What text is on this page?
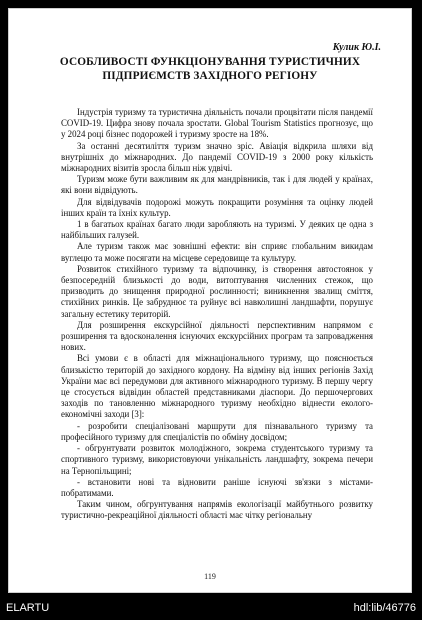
Кулик Ю.І.
ОСОБЛИВОСТІ ФУНКЦІОНУВАННЯ ТУРИСТИЧНИХ
ПІДПРИЄМСТВ ЗАХІДНОГО РЕГІОНУ

Індустрія туризму та туристична діяльність почали процвітати після пандемії COVID-19. Цифра знову почала зростати. Global Tourism Statistics прогнозує, що у 2024 році бізнес подорожей і туризму зросте на 18%.

За останні десятиліття туризм значно зріс. Авіація відкрила шляхи від внутрішніх до міжнародних. До пандемії COVID-19 з 2000 року кількість міжнародних візитів зросла більш ніж удвічі.

Туризм може бути важливим як для мандрівників, так і для людей у країнах, які вони відвідують.

Для відвідувачів подорожі можуть покращити розуміння та оцінку людей інших країн та їхніх культур.

1 в багатьох країнах багато люди заробляють на туризмі. У деяких це одна з найбільших галузей.

Але туризм також має зовнішні ефекти: він сприяє глобальним викидам вуглецю та може посягати на місцеве середовище та культуру.

Розвиток стихійного туризму та відпочинку, із створення автостоянок у безпосередній близькості до води, витоптування численних стежок, що призводить до знищення природної рослинності; виникнення звалищ сміття, стихійних ринків. Це забруднює та руйнує всі навколишні ландшафти, порушує загальну естетику територій.

Для розширення екскурсійної діяльності перспективним напрямом є розширення та вдосконалення існуючих екскурсійних програм та запровадження нових.

Всі умови є в області для міжнаціонального туризму, що пояснюється близькістю територій до західного кордону. На відміну від інших регіонів Захід України має всі передумови для активного міжнародного туризму. В першу чергу це стосується відвідин областей представниками діаспори. До першочергових заходів по тановленню міжнародного туризму необхідно віднести еколого-економічні заходи [3]:

- розробити спеціалізовані маршрути для пізнавального туризму та професійного туризму для спеціалістів по обміну досвідом;

- обгрунтувати розвиток молодіжного, зокрема студентського туризму та спортивного туризму, використовуючи унікальність ландшафту, зокрема печери на Тернопільщині;

- встановити нові та відновити раніше існуючі зв'язки з містами-побратимами.

Таким чином, обгрунтування напрямів екологізації майбутнього розвитку туристично-рекреаційної діяльності області має чітку регіональну

119
ELARTU	hdl:lib/46776
